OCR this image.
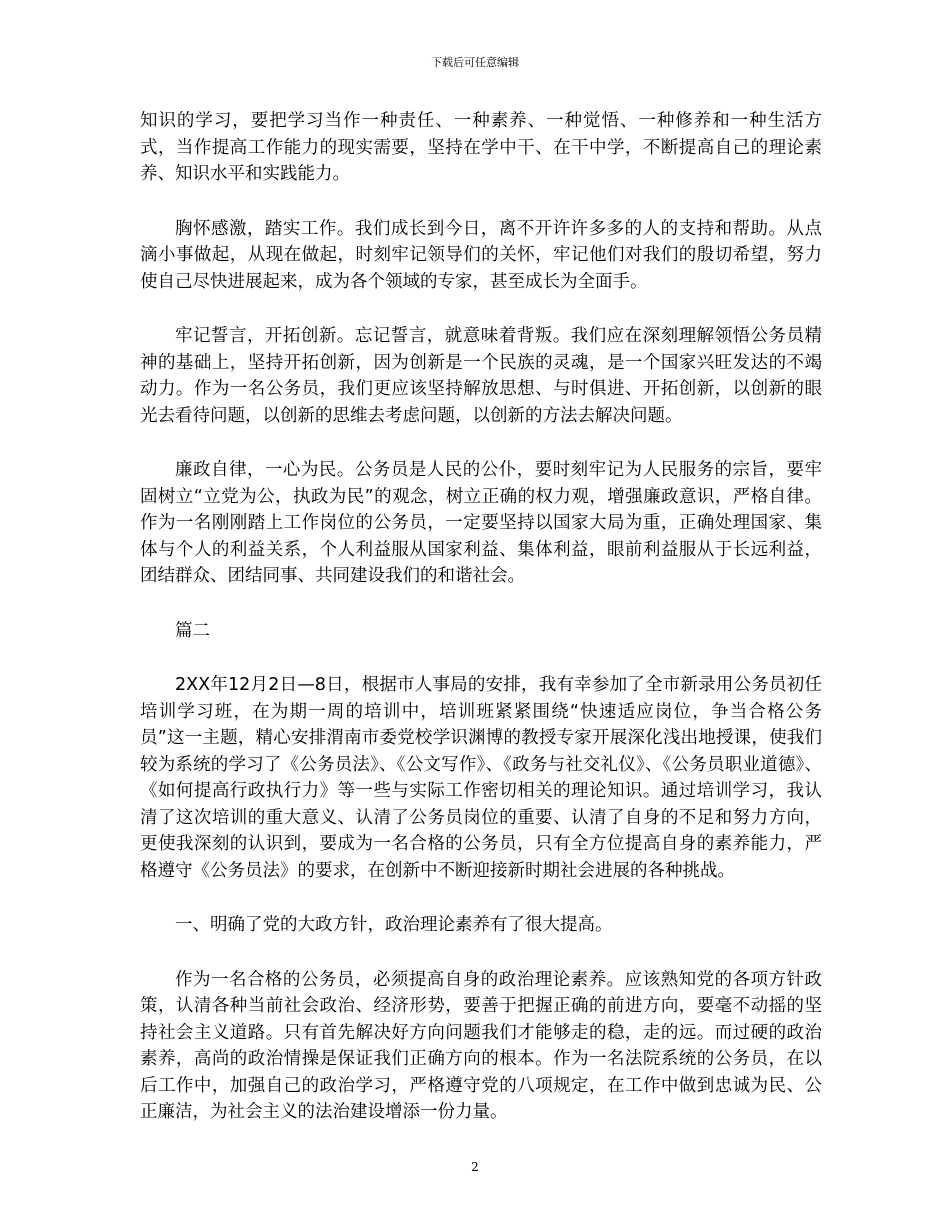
下载后可任意编辑

知识的学习，要把学习当作一种责任、一种素养、一种觉悟、一种修养和一种生活方式，当作提高工作能力的现实需要，坚持在学中干、在干中学，不断提高自己的理论素养、知识水平和实践能力。

胸怀感激，踏实工作。我们成长到今日，离不开许许多多的人的支持和帮助。从点滴小事做起，从现在做起，时刻牢记领导们的关怀，牢记他们对我们的殷切希望，努力使自己尽快进展起来，成为各个领域的专家，甚至成长为全面手。

牢记誓言，开拓创新。忘记誓言，就意味着背叛。我们应在深刻理解领悟公务员精神的基础上，坚持开拓创新，因为创新是一个民族的灵魂，是一个国家兴旺发达的不竭动力。作为一名公务员，我们更应该坚持解放思想、与时俱进、开拓创新，以创新的眼光去看待问题，以创新的思维去考虑问题，以创新的方法去解决问题。

廉政自律，一心为民。公务员是人民的公仆，要时刻牢记为人民服务的宗旨，要牢固树立“立党为公，执政为民”的观念，树立正确的权力观，增强廉政意识，严格自律。作为一名刚刚踏上工作岗位的公务员，一定要坚持以国家大局为重，正确处理国家、集体与个人的利益关系，个人利益服从国家利益、集体利益，眼前利益服从于长远利益，团结群众、团结同事、共同建设我们的和谐社会。

篇二

2XX年12月2日—8日，根据市人事局的安排，我有幸参加了全市新录用公务员初任培训学习班，在为期一周的培训中，培训班紧紧围绕“快速适应岗位，争当合格公务员”这一主题，精心安排渭南市委党校学识渊博的教授专家开展深化浅出地授课，使我们较为系统的学习了《公务员法》、《公文写作》、《政务与社交礼仪》、《公务员职业道德》、《如何提高行政执行力》等一些与实际工作密切相关的理论知识。通过培训学习，我认清了这次培训的重大意义、认清了公务员岗位的重要、认清了自身的不足和努力方向，更使我深刻的认识到，要成为一名合格的公务员，只有全方位提高自身的素养能力，严格遵守《公务员法》的要求，在创新中不断迎接新时期社会进展的各种挑战。

一、明确了党的大政方针，政治理论素养有了很大提高。

作为一名合格的公务员，必须提高自身的政治理论素养。应该熟知党的各项方针政策，认清各种当前社会政治、经济形势，要善于把握正确的前进方向，要毫不动摇的坚持社会主义道路。只有首先解决好方向问题我们才能够走的稳，走的远。而过硬的政治素养，高尚的政治情操是保证我们正确方向的根本。作为一名法院系统的公务员，在以后工作中，加强自己的政治学习，严格遵守党的八项规定，在工作中做到忠诚为民、公正廉洁，为社会主义的法治建设增添一份力量。

2
